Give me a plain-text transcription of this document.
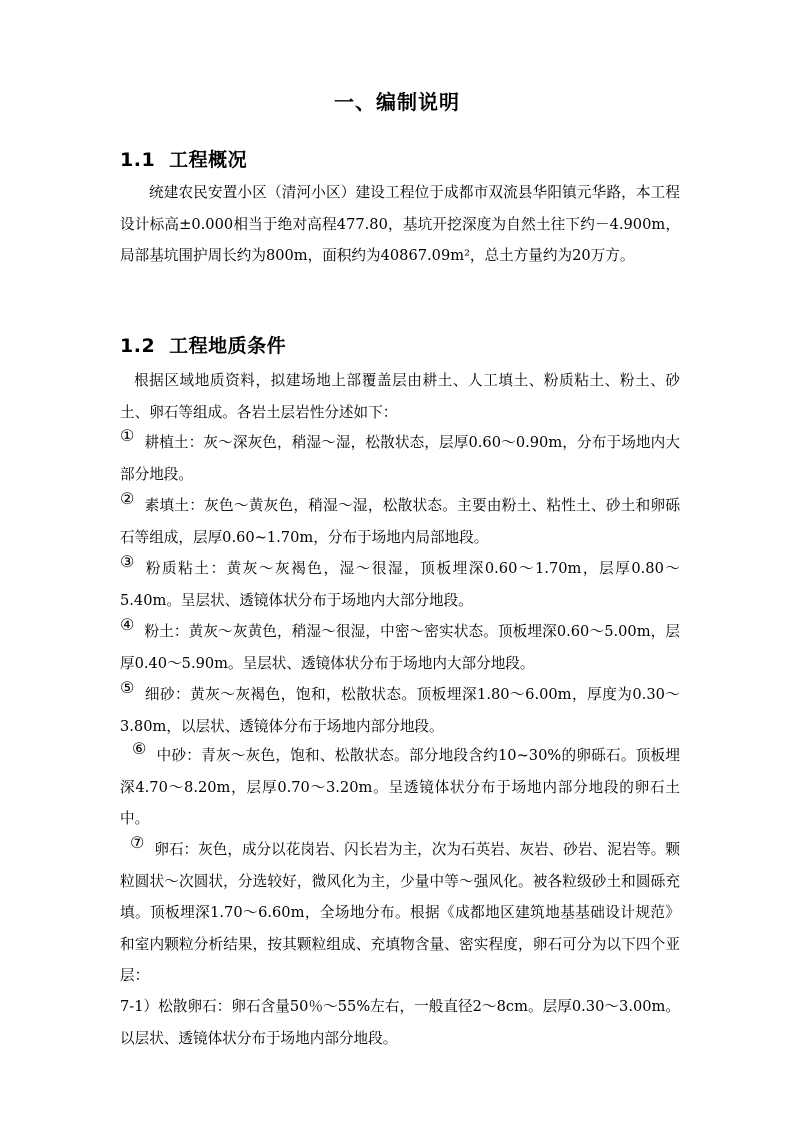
一、编制说明
1.1 工程概况
统建农民安置小区（清河小区）建设工程位于成都市双流县华阳镇元华路，本工程设计标高±0.000相当于绝对高程477.80，基坑开挖深度为自然土往下约－4.900m，局部基坑围护周长约为800m，面积约为40867.09m²，总土方量约为20万方。
1.2 工程地质条件
根据区域地质资料，拟建场地上部覆盖层由耕土、人工填土、粉质粘土、粉土、砂土、卵石等组成。各岩土层岩性分述如下：
① 耕植土：灰～深灰色，稍湿～湿，松散状态，层厚0.60～0.90m，分布于场地内大部分地段。
② 素填土：灰色～黄灰色，稍湿～湿，松散状态。主要由粉土、粘性土、砂土和卵砾石等组成，层厚0.60~1.70m，分布于场地内局部地段。
③ 粉质粘土：黄灰～灰褐色，湿～很湿，顶板埋深0.60～1.70m，层厚0.80～5.40m。呈层状、透镜体状分布于场地内大部分地段。
④ 粉土：黄灰～灰黄色，稍湿～很湿，中密～密实状态。顶板埋深0.60～5.00m，层厚0.40～5.90m。呈层状、透镜体状分布于场地内大部分地段。
⑤ 细砂：黄灰～灰褐色，饱和，松散状态。顶板埋深1.80～6.00m，厚度为0.30～3.80m，以层状、透镜体分布于场地内部分地段。
⑥ 中砂：青灰～灰色，饱和、松散状态。部分地段含约10~30%的卵砾石。顶板埋深4.70～8.20m，层厚0.70～3.20m。呈透镜体状分布于场地内部分地段的卵石土中。
⑦ 卵石：灰色，成分以花岗岩、闪长岩为主，次为石英岩、灰岩、砂岩、泥岩等。颗粒圆状～次圆状，分选较好，微风化为主，少量中等～强风化。被各粒级砂土和圆砾充填。顶板埋深1.70～6.60m，全场地分布。根据《成都地区建筑地基基础设计规范》和室内颗粒分析结果，按其颗粒组成、充填物含量、密实程度，卵石可分为以下四个亚层：
7-1）松散卵石：卵石含量50％～55%左右，一般直径2～8cm。层厚0.30～3.00m。以层状、透镜体状分布于场地内部分地段。
